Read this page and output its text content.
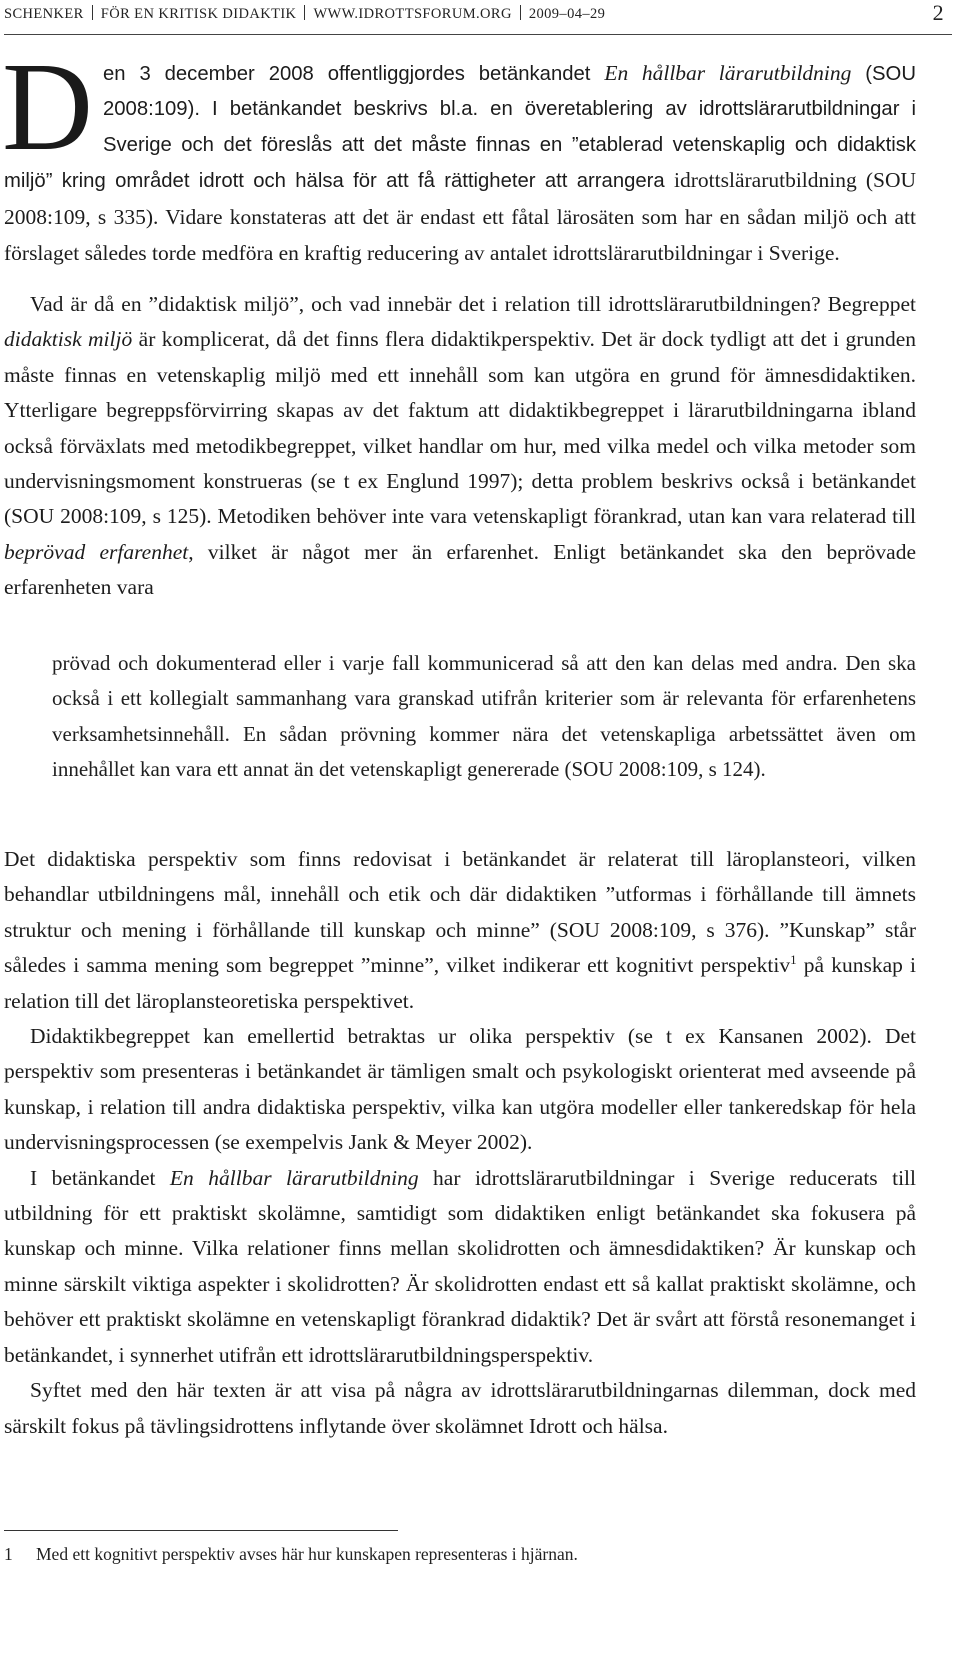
SCHENKER FÖR EN KRITISK DIDAKTIK WWW.IDROTTSFORUM.ORG 2009–04–29	2
Den 3 december 2008 offentliggjordes betänkandet En hållbar lärarutbildning (SOU 2008:109). I betänkandet beskrivs bl.a. en överetablering av idrottslärarutbildningar i Sverige och det föreslås att det måste finnas en ”etablerad vetenskaplig och didaktisk miljö” kring området idrott och hälsa för att få rättigheter att arrangera idrottslärarutbildning (SOU 2008:109, s 335). Vidare konstateras att det är endast ett fåtal lärosäten som har en sådan miljö och att förslaget således torde medföra en kraftig reducering av antalet idrottslärarutbildningar i Sverige.

Vad är då en ”didaktisk miljö”, och vad innebär det i relation till idrottslärarutbildningen? Begreppet didaktisk miljö är komplicerat, då det finns flera didaktikperspektiv. Det är dock tydligt att det i grunden måste finnas en vetenskaplig miljö med ett innehåll som kan utgöra en grund för ämnesdidaktiken. Ytterligare begreppsförvirring skapas av det faktum att didaktikbegreppet i lärarutbildningarna ibland också förväxlats med metodikbegreppet, vilket handlar om hur, med vilka medel och vilka metoder som undervisningsmoment konstrueras (se t ex Englund 1997); detta problem beskrivs också i betänkandet (SOU 2008:109, s 125). Metodiken behöver inte vara vetenskapligt förankrad, utan kan vara relaterad till beprövad erfarenhet, vilket är något mer än erfarenhet. Enligt betänkandet ska den beprövade erfarenheten vara

prövad och dokumenterad eller i varje fall kommunicerad så att den kan delas med andra. Den ska också i ett kollegialt sammanhang vara granskad utifrån kriterier som är relevanta för erfarenhetens verksamhetsinnehåll. En sådan prövning kommer nära det vetenskapliga arbetssättet även om innehållet kan vara ett annat än det vetenskapligt genererade (SOU 2008:109, s 124).

Det didaktiska perspektiv som finns redovisat i betänkandet är relaterat till läroplansteori, vilken behandlar utbildningens mål, innehåll och etik och där didaktiken ”utformas i förhållande till ämnets struktur och mening i förhållande till kunskap och minne” (SOU 2008:109, s 376). ”Kunskap” står således i samma mening som begreppet ”minne”, vilket indikerar ett kognitivt perspektiv$^1$ på kunskap i relation till det läroplansteoretiska perspektivet.

Didaktikbegreppet kan emellertid betraktas ur olika perspektiv (se t ex Kansanen 2002). Det perspektiv som presenteras i betänkandet är tämligen smalt och psykologiskt orienterat med avseende på kunskap, i relation till andra didaktiska perspektiv, vilka kan utgöra modeller eller tankeredskap för hela undervisningsprocessen (se exempelvis Jank & Meyer 2002).

I betänkandet En hållbar lärarutbildning har idrottslärarutbildningar i Sverige reducerats till utbildning för ett praktiskt skolämne, samtidigt som didaktiken enligt betänkandet ska fokusera på kunskap och minne. Vilka relationer finns mellan skolidrotten och ämnesdidaktiken? Är kunskap och minne särskilt viktiga aspekter i skolidrotten? Är skolidrotten endast ett så kallat praktiskt skolämne, och behöver ett praktiskt skolämne en vetenskapligt förankrad didaktik? Det är svårt att förstå resonemanget i betänkandet, i synnerhet utifrån ett idrottslärarutbildningsperspektiv.

Syftet med den här texten är att visa på några av idrottslärarutbildningarnas dilemman, dock med särskilt fokus på tävlingsidrottens inflytande över skolämnet Idrott och hälsa.

1 Med ett kognitivt perspektiv avses här hur kunskapen representeras i hjärnan.
